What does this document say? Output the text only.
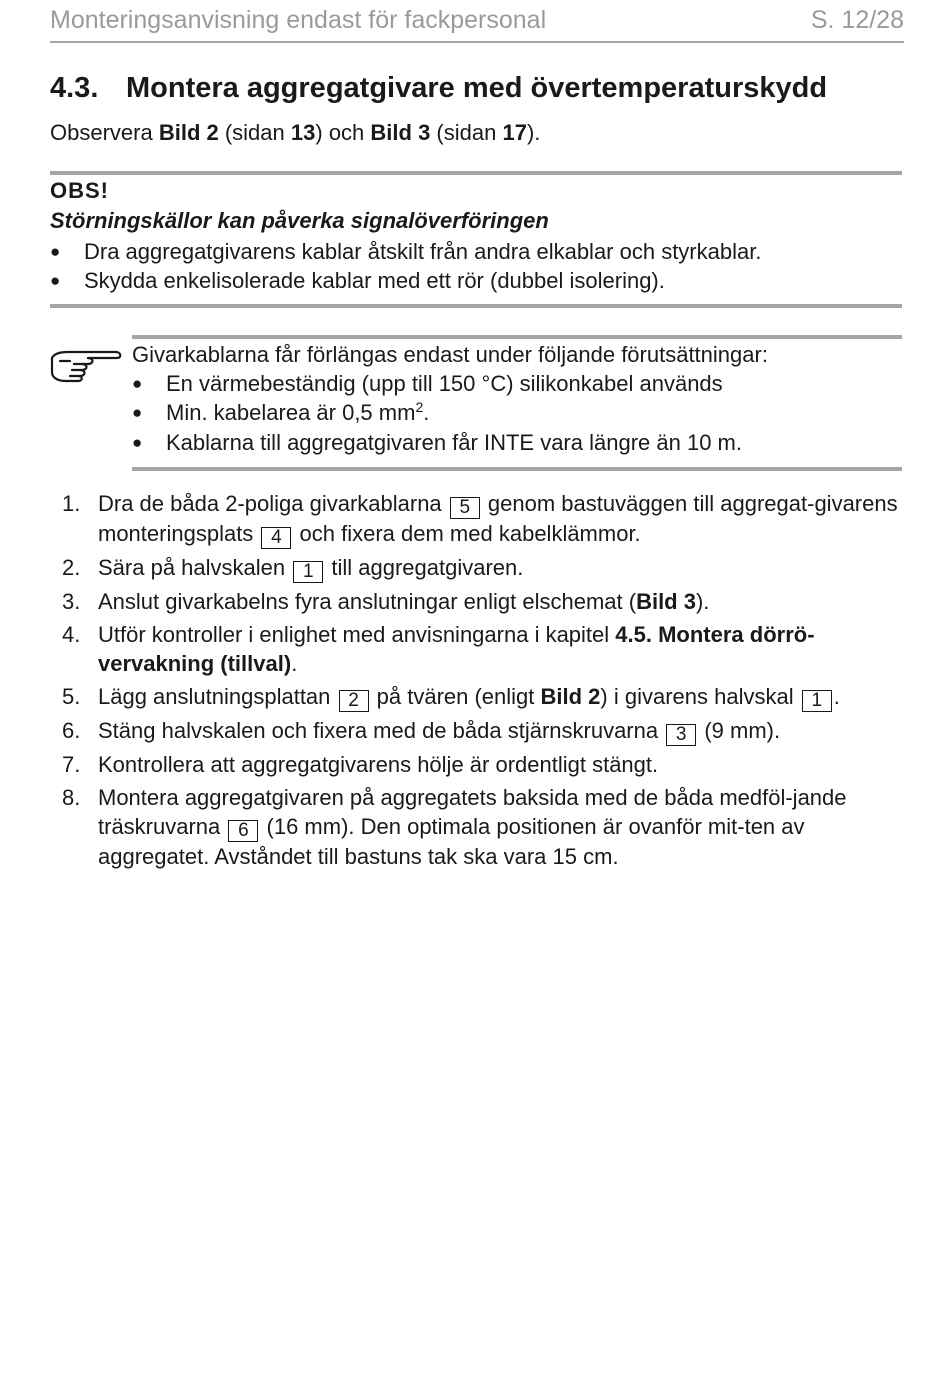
Monteringsanvisning endast för fackpersonal	S. 12/28
4.3. Montera aggregatgivare med övertemperaturskydd
Observera Bild 2 (sidan 13) och Bild 3 (sidan 17).
OBS!
Störningskällor kan påverka signalöverföringen
● Dra aggregatgivarens kablar åtskilt från andra elkablar och styrkablar.
● Skydda enkelisolerade kablar med ett rör (dubbel isolering).
Givarkablarna får förlängas endast under följande förutsättningar:
● En värmebeständig (upp till 150 °C) silikonkabel används
● Min. kabelarea är 0,5 $mm^2$.
● Kablarna till aggregatgivaren får INTE vara längre än 10 m.
1. Dra de båda 2-poliga givarkablarna 5 genom bastuväggen till aggregat-givarens monteringsplats 4 och fixera dem med kabelklämmor.
2. Sära på halvskalen 1 till aggregatgivaren.
3. Anslut givarkabelns fyra anslutningar enligt elschemat (Bild 3).
4. Utför kontroller i enlighet med anvisningarna i kapitel 4.5. Montera dörrö-vervakning (tillval).
5. Lägg anslutningsplattan 2 på tvären (enligt Bild 2) i givarens halvskal 1 .
6. Stäng halvskalen och fixera med de båda stjärnskruvarna 3 (9 mm).
7. Kontrollera att aggregatgivarens hölje är ordentligt stängt.
8. Montera aggregatgivaren på aggregatets baksida med de båda medföl-jande träskruvarna 6 (16 mm). Den optimala positionen är ovanför mit-ten av aggregatet. Avståndet till bastuns tak ska vara 15 cm.
